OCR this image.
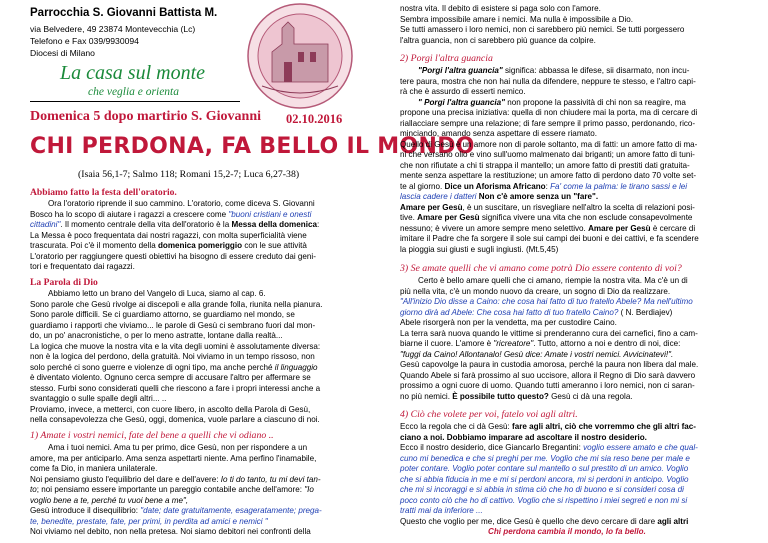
Parrocchia S. Giovanni Battista M.
via Belvedere, 49 23874 Montevecchia (Lc)
Telefono e Fax 039/9930094
Diocesi di Milano
La casa sul monte
che veglia e orienta
Domenica 5 dopo martirio S. Giovanni 02.10.2016
CHI PERDONA, FA BELLO IL MONDO
(Isaia 56,1-7; Salmo 118; Romani 15,2-7; Luca 6,27-38)
Abbiamo fatto la festa dell'oratorio.
Ora l'oratorio riprende il suo cammino. L'oratorio, come diceva S. Giovanni
Bosco ha lo scopo di aiutare i ragazzi a crescere come "buoni cristiani e onesti
cittadini". Il momento centrale della vita dell'oratorio è la Messa della domenica:
La Messa è poco frequentata dai nostri ragazzi, con molta superficialità viene
trascurata. Poi c'è il momento della domenica pomeriggio con le sue attività
L'oratorio per raggiungere questi obiettivi ha bisogno di essere creduto dai geni-
tori e frequentato dai ragazzi.
La Parola di Dio
Abbiamo letto un brano del Vangelo di Luca, siamo al cap. 6.
Sono parole che Gesù rivolge ai discepoli e alla grande folla, riunita nella pianura.
Sono parole difficili. Se ci guardiamo attorno, se guardiamo nel mondo, se
guardiamo i rapporti che viviamo... le parole di Gesù ci sembrano fuori dal mon-
do, un po' anacronistiche, o per lo meno astratte, lontane dalla realtà...
La logica che muove la nostra vita e la vita degli uomini è assolutamente diversa:
non è la logica del perdono, della gratuità. Noi viviamo in un tempo rissoso, non
solo perché ci sono guerre e violenze di ogni tipo, ma anche perché il linguaggio
è diventato violento. Ognuno cerca sempre di accusare l'altro per affermare se
stesso. Furbi sono considerati quelli che riescono a fare i propri interessi anche a
svantaggio o sulle spalle degli altri... ..
Proviamo, invece, a metterci, con cuore libero, in ascolto della Parola di Gesù,
nella consapevolezza che Gesù, oggi, domenica, vuole parlare a ciascuno di noi.
1) Amate i vostri nemici, fate del bene a quelli che vi odiano ..
Ama i tuoi nemici. Ama tu per primo, dice Gesù, non per rispondere a un
amore, ma per anticiparlo. Ama senza aspettarti niente. Ama perfino l'inamabile,
come fa Dio, in maniera unilaterale.
Noi pensiamo giusto l'equilibrio del dare e dell'avere: Io ti do tanto, tu mi devi tan-
to; noi pensiamo essere importante un pareggio contabile anche dell'amore: "Io
voglio bene a te, perché tu vuoi bene a me",
Gesù introduce il disequilibrio: "date; date gratuitamente, esageratamente; prega-
te, benedite, prestate, fate, per primi, in perdita ad amici e nemici "
Noi viviamo nel debito, non nella pretesa. Noi siamo debitori nei confronti della
nostra vita. Il debito di esistere si paga solo con l'amore.
Sembra impossibile amare i nemici. Ma nulla è impossibile a Dio.
Se tutti amassero i loro nemici, non ci sarebbero più nemici. Se tutti porgessero
l'altra guancia, non ci sarebbero più guance da colpire.
2) Porgi l'altra guancia
"Porgi l'altra guancia" significa: abbassa le difese, sii disarmato, non incu-
tere paura, mostra che non hai nulla da difendere, neppure te stesso, e l'altro capi-
rà che è assurdo di esserti nemico.
" Porgi l'altra guancia" non propone la passività di chi non sa reagire, ma
propone una precisa iniziativa: quella di non chiudere mai la porta, ma di cercare di
riallacciare sempre una relazione; di fare sempre il primo passo, perdonando, rico-
minciando, amando senza aspettare di essere riamato.
Quello di Gesù è un amore non di parole soltanto, ma di fatti: un amore fatto di ma-
ni che versano olio e vino sull'uomo malmenato dai briganti; un amore fatto di tuni-
che non rifiutate a chi ti strappa il mantello; un amore fatto di prestiti dati gratuita-
mente senza aspettare la restituzione; un amore fatto di perdono dato 70 volte set-
te al giorno. Dice un Aforisma Africano: Fa' come la palma: le tirano sassi e lei
lascia cadere i datteri Non c'è amore senza un "fare".
Amare per Gesù, è un suscitare, un risvegliare nell'altro la scelta di relazioni posi-
tive. Amare per Gesù significa vivere una vita che non esclude consapevolmente
nessuno; è vivere un amore sempre meno selettivo. Amare per Gesù è cercare di
imitare il Padre che fa sorgere il sole sui campi dei buoni e dei cattivi, e fa scendere
la pioggia sui giusti e sugli ingiusti. (Mt.5,45)
3) Se amate quelli che vi amano come potrà Dio essere contento di voi?
Certo è bello amare quelli che ci amano, riempie la nostra vita. Ma c'è un di
più nella vita, c'è un mondo nuovo da creare, un sogno di Dio da realizzare.
"All'inizio Dio disse a Caino: che cosa hai fatto di tuo fratello Abele? Ma nell'ultimo
giorno dirà ad Abele: Che cosa hai fatto di tuo fratello Caino? ( N. Berdiajev)
Abele risorgerà non per la vendetta, ma per custodire Caino.
La terra sarà nuova quando le vittime si prenderanno cura dei carnefici, fino a cam-
biarne il cuore. L'amore è "ricreatore". Tutto, attorno a noi e dentro di noi, dice:
"fuggi da Caino! Allontanalo! Gesù dice: Amate i vostri nemici. Avvicinatevi!".
Gesù capovolge la paura in custodia amorosa, perché la paura non libera dal male.
Quando Abele si farà prossimo al suo uccisore, allora il Regno di Dio sarà davvero
prossimo a ogni cuore di uomo. Quando tutti ameranno i loro nemici, non ci saran-
no più nemici. È possibile tutto questo? Gesù ci dà una regola.
4) Ciò che volete per voi, fatelo voi agli altri.
Ecco la regola che ci dà Gesù: fare agli altri, ciò che vorremmo che gli altri fac-
ciano a noi. Dobbiamo imparare ad ascoltare il nostro desiderio.
Ecco il nostro desiderio, dice Giancarlo Bregantini: voglio essere amato e che qual-
cuno mi benedica e che si preghi per me. Voglio che mi sia reso bene per male e
poter contare. Voglio poter contare sul mantello o sul prestito di un amico. Voglio
che si abbia fiducia in me e mi si perdoni ancora, mi si perdoni in anticipo. Voglio
che mi si incoraggi e si abbia in stima ciò che ho di buono e si consideri cosa di
poco conto ciò che ho di cattivo. Voglio che si rispettino i miei segreti e non mi si
tratti mai da inferiore ...
Questo che voglio per me, dice Gesù è quello che devo cercare di dare agli altri
Chi perdona cambia il mondo, lo fa bello.
